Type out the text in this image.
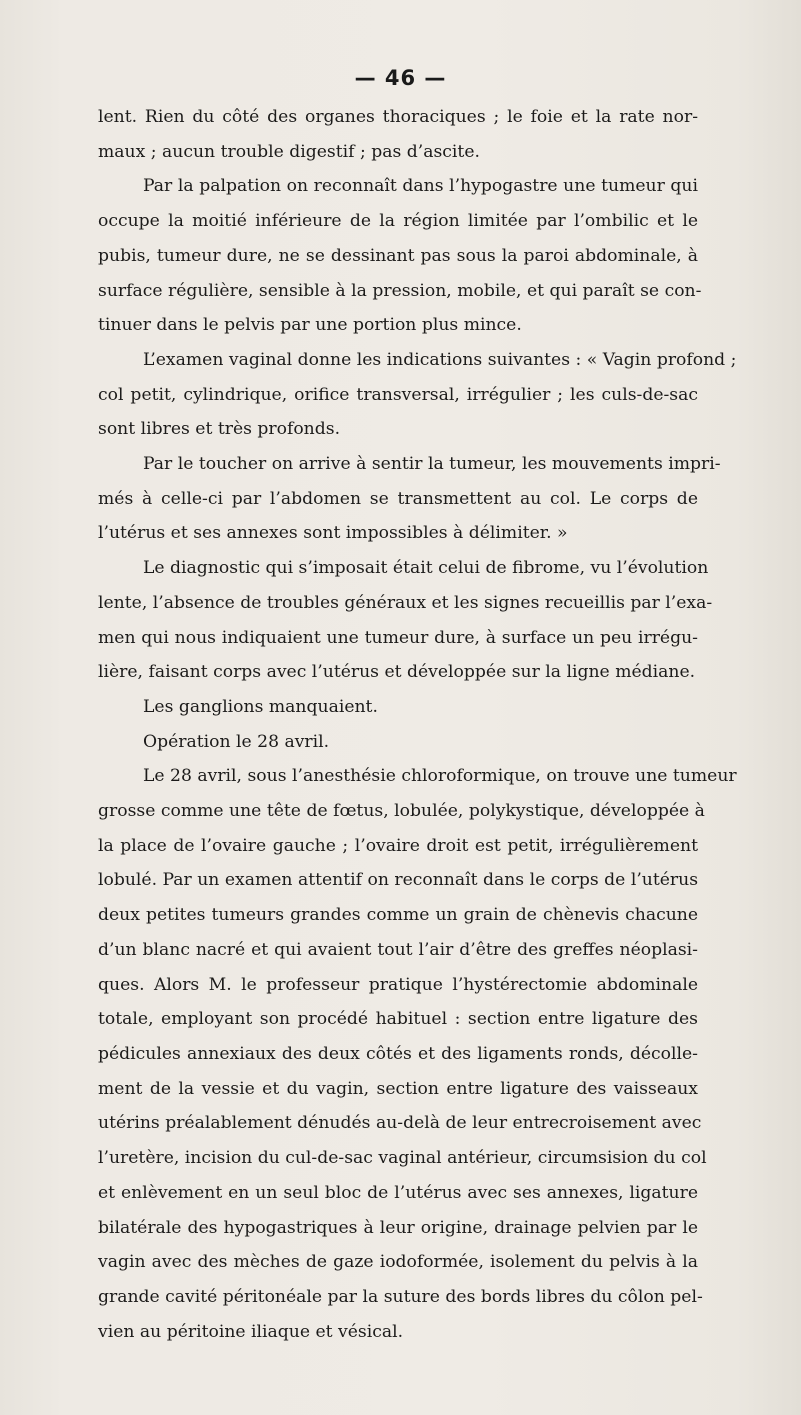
— 46 —
lent. Rien du côté des organes thoraciques ; le foie et la rate nor-
maux ; aucun trouble digestif ; pas d’ascite.
Par la palpation on reconnaît dans l’hypogastre une tumeur qui
occupe la moitié inférieure de la région limitée par l’ombilic et le
pubis, tumeur dure, ne se dessinant pas sous la paroi abdominale, à
surface régulière, sensible à la pression, mobile, et qui paraît se con-
tinuer dans le pelvis par une portion plus mince.
L’examen vaginal donne les indications suivantes : « Vagin profond ;
col petit, cylindrique, orifice transversal, irrégulier ; les culs-de-sac
sont libres et très profonds.
Par le toucher on arrive à sentir la tumeur, les mouvements impri-
més à celle-ci par l’abdomen se transmettent au col. Le corps de
l’utérus et ses annexes sont impossibles à délimiter. »
Le diagnostic qui s’imposait était celui de fibrome, vu l’évolution
lente, l’absence de troubles généraux et les signes recueillis par l’exa-
men qui nous indiquaient une tumeur dure, à surface un peu irrégu-
lière, faisant corps avec l’utérus et développée sur la ligne médiane.
Les ganglions manquaient.
Opération le 28 avril.
Le 28 avril, sous l’anesthésie chloroformique, on trouve une tumeur
grosse comme une tête de fœtus, lobulée, polykystique, développée à
la place de l’ovaire gauche ; l’ovaire droit est petit, irrégulièrement
lobulé. Par un examen attentif on reconnaît dans le corps de l’utérus
deux petites tumeurs grandes comme un grain de chènevis chacune
d’un blanc nacré et qui avaient tout l’air d’être des greffes néoplasi-
ques. Alors M. le professeur pratique l’hystérectomie abdominale
totale, employant son procédé habituel : section entre ligature des
pédicules annexiaux des deux côtés et des ligaments ronds, décolle-
ment de la vessie et du vagin, section entre ligature des vaisseaux
utérins préalablement dénudés au-delà de leur entrecroisement avec
l’uretère, incision du cul-de-sac vaginal antérieur, circumsision du col
et enlèvement en un seul bloc de l’utérus avec ses annexes, ligature
bilatérale des hypogastriques à leur origine, drainage pelvien par le
vagin avec des mèches de gaze iodoformée, isolement du pelvis à la
grande cavité péritonéale par la suture des bords libres du côlon pel-
vien au péritoine iliaque et vésical.
